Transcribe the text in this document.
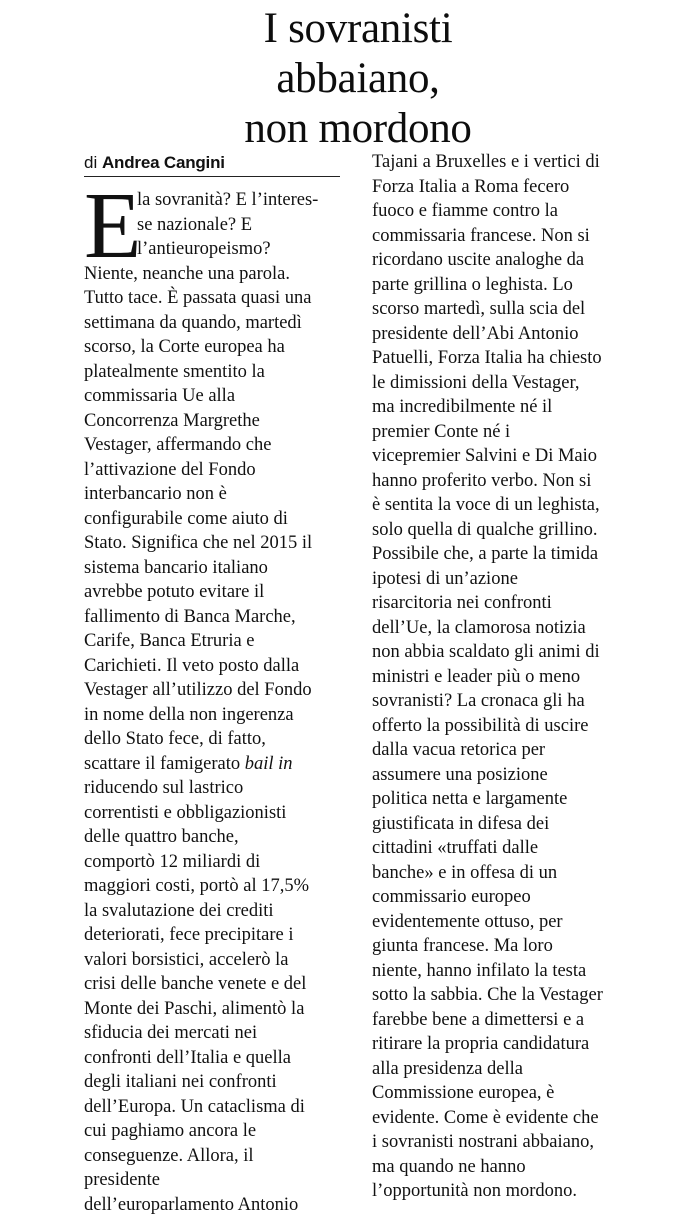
I sovranisti
abbaiano,
non mordono
di Andrea Cangini
E
la sovranità? E l’interes-
se nazionale? E
l’antieuropeismo?
Niente, neanche una parola.
Tutto tace. È passata quasi una
settimana da quando, martedì
scorso, la Corte europea ha
platealmente smentito la
commissaria Ue alla
Concorrenza Margrethe
Vestager, affermando che
l’attivazione del Fondo
interbancario non è
configurabile come aiuto di
Stato. Significa che nel 2015 il
sistema bancario italiano
avrebbe potuto evitare il
fallimento di Banca Marche,
Carife, Banca Etruria e
Carichieti. Il veto posto dalla
Vestager all’utilizzo del Fondo
in nome della non ingerenza
dello Stato fece, di fatto,
scattare il famigerato bail in
riducendo sul lastrico
correntisti e obbligazionisti
delle quattro banche,
comportò 12 miliardi di
maggiori costi, portò al 17,5%
la svalutazione dei crediti
deteriorati, fece precipitare i
valori borsistici, accelerò la
crisi delle banche venete e del
Monte dei Paschi, alimentò la
sfiducia dei mercati nei
confronti dell’Italia e quella
degli italiani nei confronti
dell’Europa. Un cataclisma di
cui paghiamo ancora le
conseguenze. Allora, il
presidente
dell’europarlamento Antonio
Tajani a Bruxelles e i vertici di
Forza Italia a Roma fecero
fuoco e fiamme contro la
commissaria francese. Non si
ricordano uscite analoghe da
parte grillina o leghista. Lo
scorso martedì, sulla scia del
presidente dell’Abi Antonio
Patuelli, Forza Italia ha chiesto
le dimissioni della Vestager,
ma incredibilmente né il
premier Conte né i
vicepremier Salvini e Di Maio
hanno proferito verbo. Non si
è sentita la voce di un leghista,
solo quella di qualche grillino.
Possibile che, a parte la timida
ipotesi di un’azione
risarcitoria nei confronti
dell’Ue, la clamorosa notizia
non abbia scaldato gli animi di
ministri e leader più o meno
sovranisti? La cronaca gli ha
offerto la possibilità di uscire
dalla vacua retorica per
assumere una posizione
politica netta e largamente
giustificata in difesa dei
cittadini «truffati dalle
banche» e in offesa di un
commissario europeo
evidentemente ottuso, per
giunta francese. Ma loro
niente, hanno infilato la testa
sotto la sabbia. Che la Vestager
farebbe bene a dimettersi e a
ritirare la propria candidatura
alla presidenza della
Commissione europea, è
evidente. Come è evidente che
i sovranisti nostrani abbaiano,
ma quando ne hanno
l’opportunità non mordono.
